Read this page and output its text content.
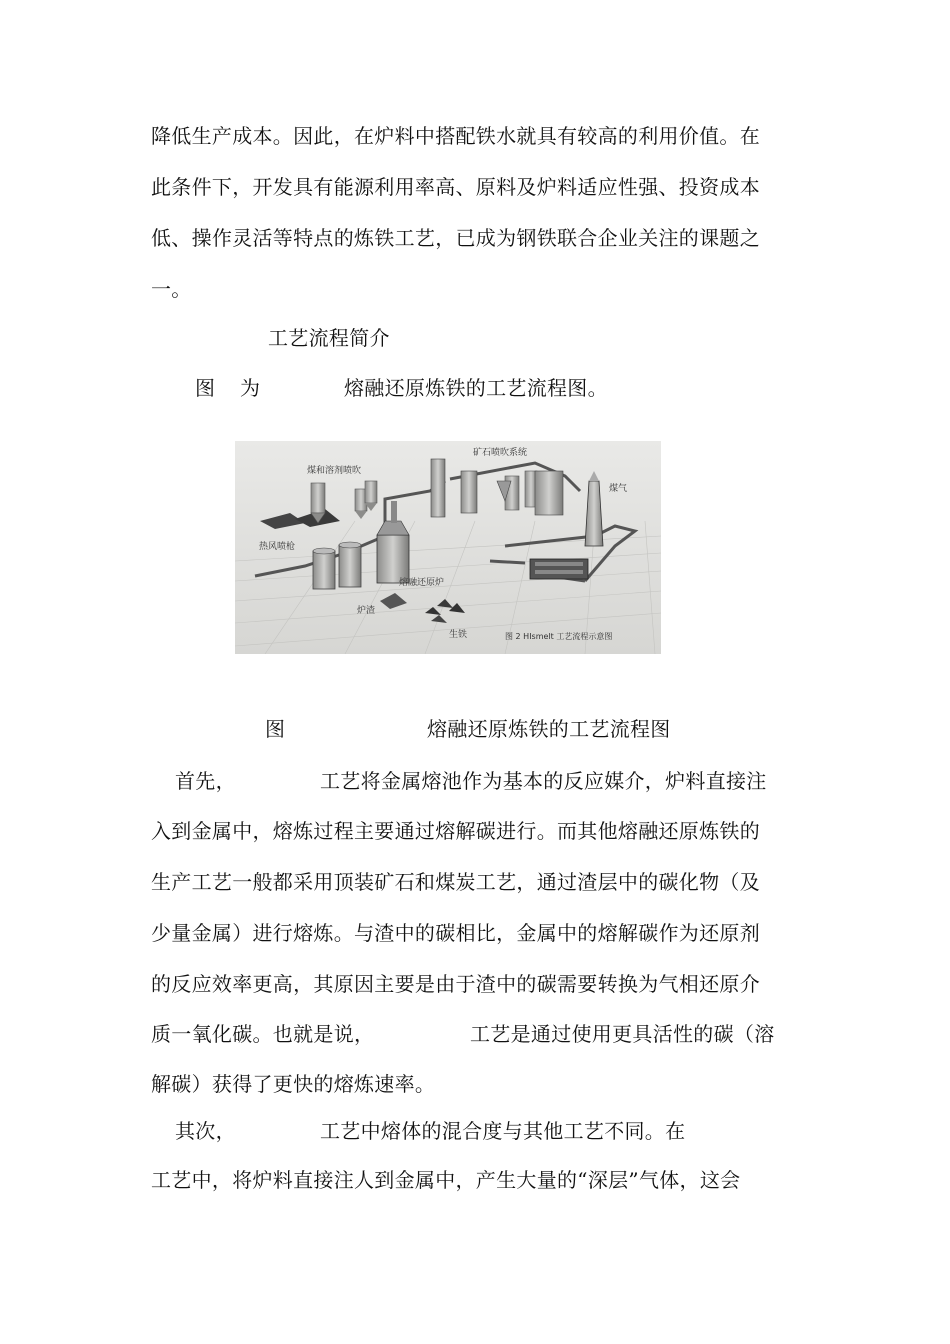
降低生产成本。因此，在炉料中搭配铁水就具有较高的利用价值。在
此条件下，开发具有能源利用率高、原料及炉料适应性强、投资成本
低、操作灵活等特点的炼铁工艺，已成为钢铁联合企业关注的课题之
一。
工艺流程简介
图 为	熔融还原炼铁的工艺流程图。
煤和溶剂喷吹
矿石喷吹系统
煤气
热风喷枪
熔融还原炉
炉渣
生铁	图 2 HIsmelt 工艺流程示意图
图	熔融还原炼铁的工艺流程图
首先，	工艺将金属熔池作为基本的反应媒介，炉料直接注
入到金属中，熔炼过程主要通过熔解碳进行。而其他熔融还原炼铁的
生产工艺一般都采用顶装矿石和煤炭工艺，通过渣层中的碳化物（及
少量金属）进行熔炼。与渣中的碳相比，金属中的熔解碳作为还原剂
的反应效率更高，其原因主要是由于渣中的碳需要转换为气相还原介
质一氧化碳。也就是说，	工艺是通过使用更具活性的碳（溶
解碳）获得了更快的熔炼速率。
其次，	工艺中熔体的混合度与其他工艺不同。在
工艺中，将炉料直接注人到金属中，产生大量的“深层”气体，这会
